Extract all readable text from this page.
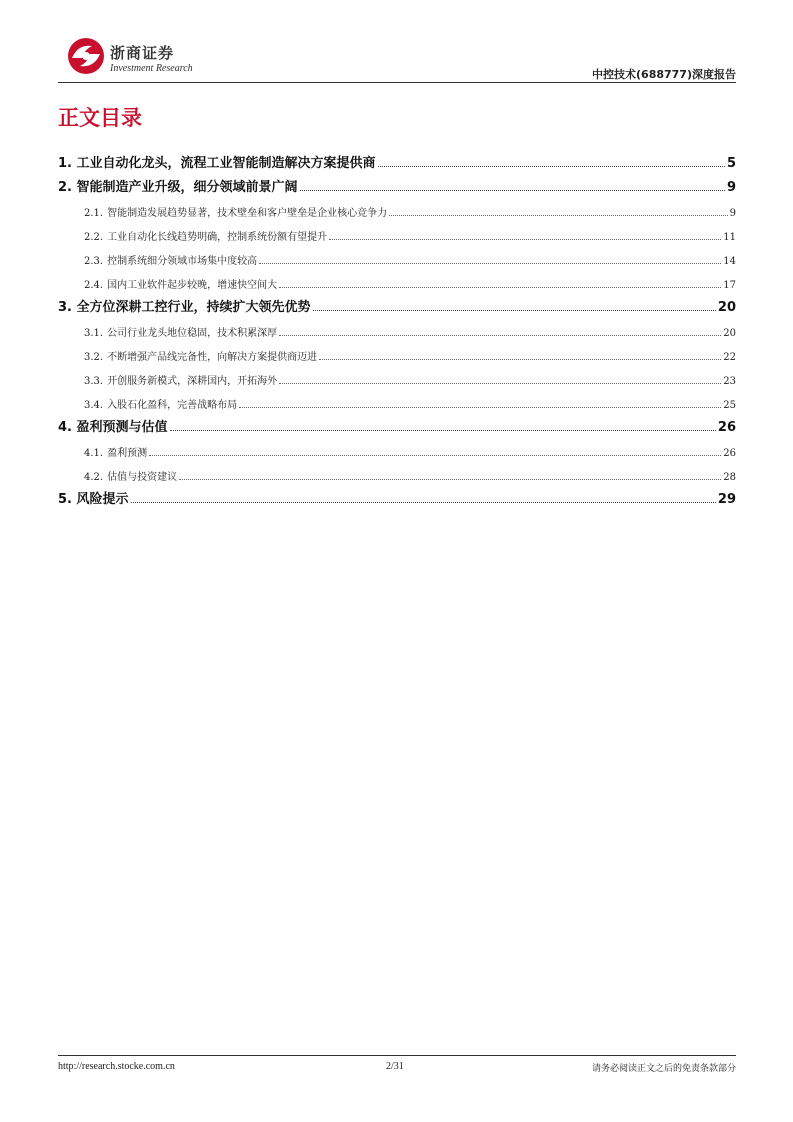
浙商证券
Investment Research	中控技术(688777)深度报告
正文目录
1. 工业自动化龙头，流程工业智能制造解决方案提供商	5
2. 智能制造产业升级，细分领域前景广阔	9
2.1. 智能制造发展趋势显著，技术壁垒和客户壁垒是企业核心竞争力	9
2.2. 工业自动化长线趋势明确，控制系统份额有望提升	11
2.3. 控制系统细分领域市场集中度较高	14
2.4. 国内工业软件起步较晚，增速快空间大	17
3. 全方位深耕工控行业，持续扩大领先优势	20
3.1. 公司行业龙头地位稳固，技术积累深厚	20
3.2. 不断增强产品线完备性，向解决方案提供商迈进	22
3.3. 开创服务新模式，深耕国内，开拓海外	23
3.4. 入股石化盈科，完善战略布局	25
4. 盈利预测与估值	26
4.1. 盈利预测	26
4.2. 估值与投资建议	28
5. 风险提示	29
http://research.stocke.com.cn	2/31	请务必阅读正文之后的免责条款部分
